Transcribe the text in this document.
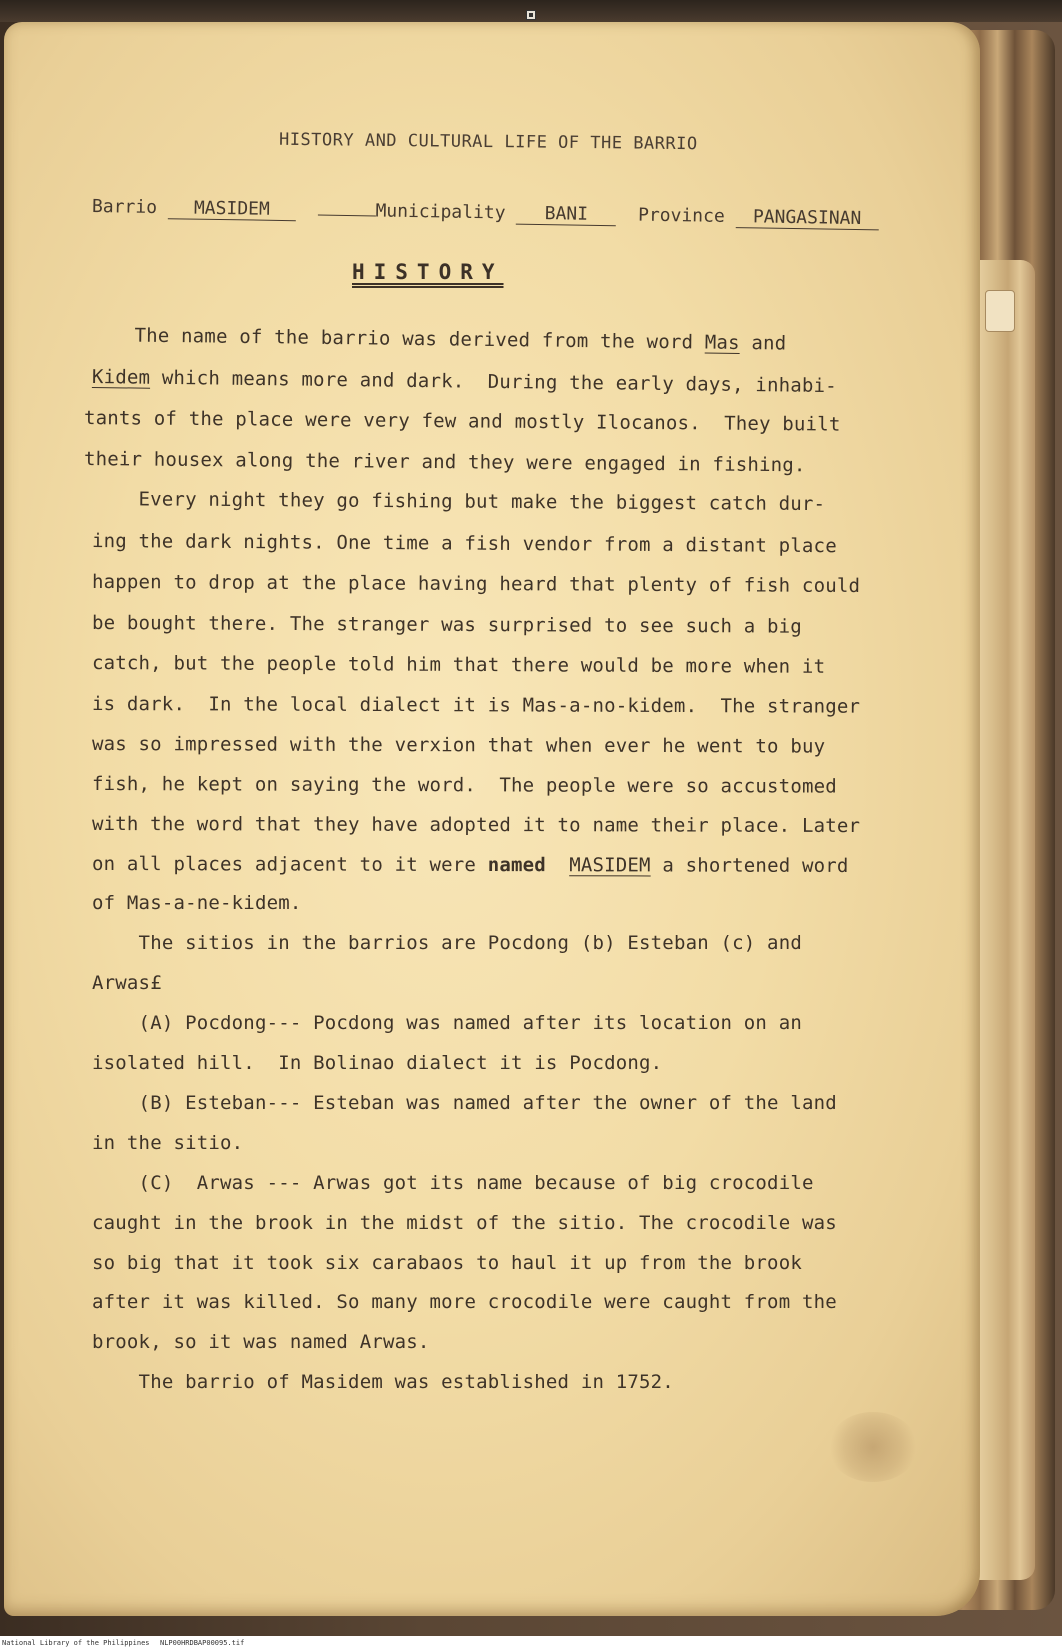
HISTORY AND CULTURAL LIFE OF THE BARRIO
Barrio MASIDEM	Municipality BANI	Province PANGASINAN
HISTORY
The name of the barrio was derived from the word Mas and
Kidem which means more and dark.  During the early days, inhabi-
tants of the place were very few and mostly Ilocanos.  They built
their housex along the river and they were engaged in fishing.
Every night they go fishing but make the biggest catch dur-
ing the dark nights. One time a fish vendor from a distant place
happen to drop at the place having heard that plenty of fish could
be bought there. The stranger was surprised to see such a big
catch, but the people told him that there would be more when it
is dark.  In the local dialect it is Mas-a-no-kidem.  The stranger
was so impressed with the verxion that when ever he went to buy
fish, he kept on saying the word.  The people were so accustomed
with the word that they have adopted it to name their place. Later
on all places adjacent to it were named MASIDEM a shortened word
of Mas-a-ne-kidem.
The sitios in the barrios are Pocdong (b) Esteban (c) and
Arwas£
(A) Pocdong--- Pocdong was named after its location on an
isolated hill.  In Bolinao dialect it is Pocdong.
(B) Esteban--- Esteban was named after the owner of the land
in the sitio.
(C)  Arwas --- Arwas got its name because of big crocodile
caught in the brook in the midst of the sitio. The crocodile was
so big that it took six carabaos to haul it up from the brook
after it was killed. So many more crocodile were caught from the
brook, so it was named Arwas.
The barrio of Masidem was established in 1752.
National Library of the Philippines NLP00HRDBAP00095.tif
